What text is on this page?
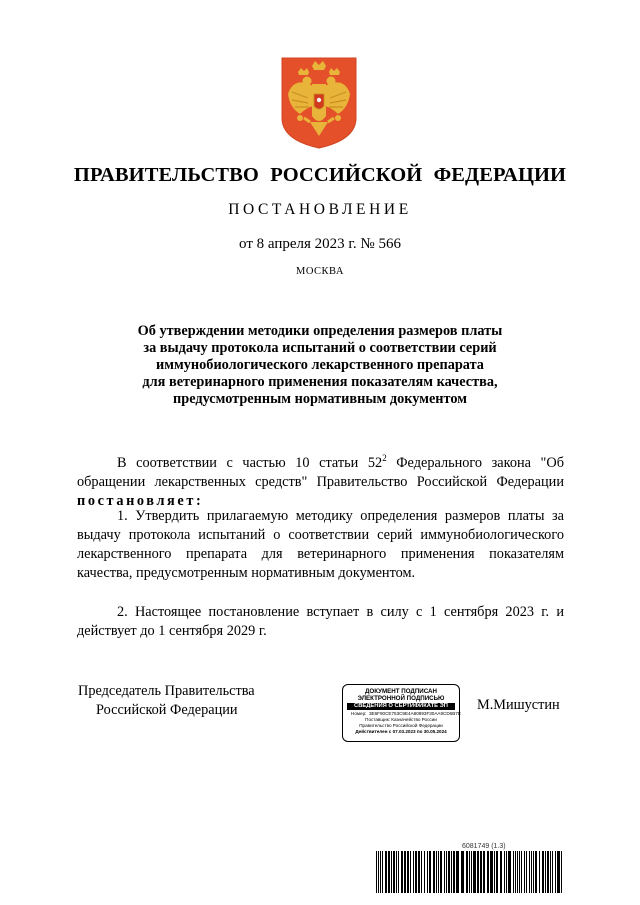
ПРАВИТЕЛЬСТВО РОССИЙСКОЙ ФЕДЕРАЦИИ
ПОСТАНОВЛЕНИЕ
от 8 апреля 2023 г. № 566
МОСКВА
Об утверждении методики определения размеров платы
за выдачу протокола испытаний о соответствии серий
иммунобиологического лекарственного препарата
для ветеринарного применения показателям качества,
предусмотренным нормативным документом
В соответствии с частью 10 статьи $52^2$ Федерального закона "Об обращении лекарственных средств" Правительство Российской Федерации постановляет:
1. Утвердить прилагаемую методику определения размеров платы за выдачу протокола испытаний о соответствии серий иммунобиологического лекарственного препарата для ветеринарного применения показателям качества, предусмотренным нормативным документом.
2. Настоящее постановление вступает в силу с 1 сентября 2023 г. и действует до 1 сентября 2029 г.
Председатель Правительства
Российской Федерации
ДОКУМЕНТ ПОДПИСАН
ЭЛЕКТРОННОЙ ПОДПИСЬЮ
СВЕДЕНИЯ О СЕРТИФИКАТЕ ЭП
Номер: 3E6F90CE753C9E4A80993F30AA9CD6B7E
Поставщик: Казначейство России
Правительство Российской Федерации
Действителен с 07.03.2023 по 30.05.2024
М.Мишустин
6081749 (1.3)
